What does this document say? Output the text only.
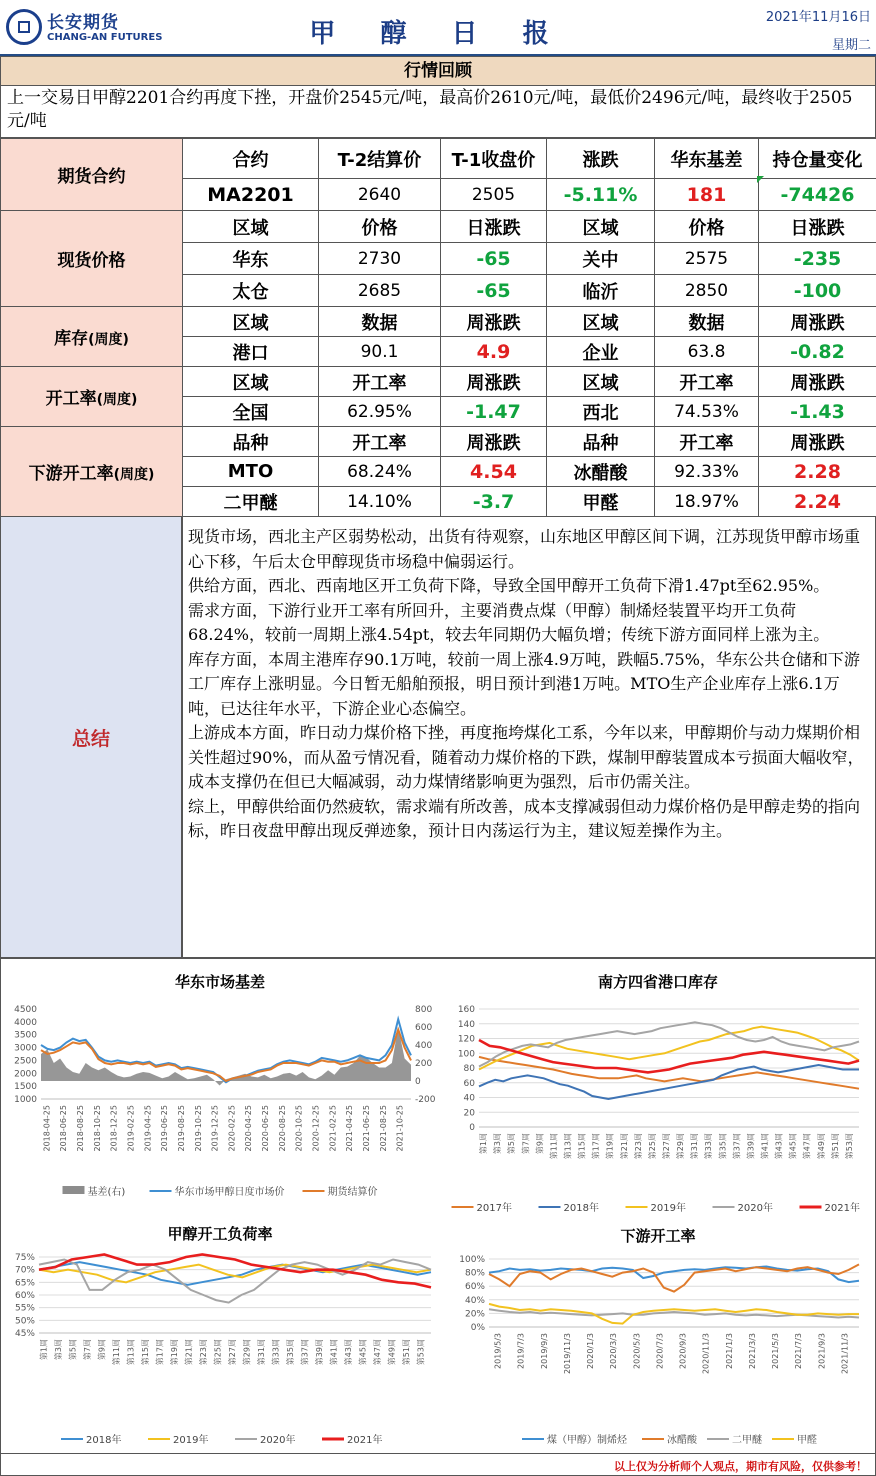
长安期货
CHANG-AN FUTURES	甲 醇 日 报
2021年11月16日
星期二
行情回顾
上一交易日甲醇2201合约再度下挫，开盘价2545元/吨，最高价2610元/吨，最低价2496元/吨，最终收于2505元/吨
期货合约	合约	T-2结算价	T-1收盘价	涨跌	华东基差	持仓量变化
	MA2201	2640	2505	-5.11%	181	-74426
现货价格	区域	价格	日涨跌	区域	价格	日涨跌
	华东	2730	-65	关中	2575	-235
	太仓	2685	-65	临沂	2850	-100
库存(周度)	区域	数据	周涨跌	区域	数据	周涨跌
	港口	90.1	4.9	企业	63.8	-0.82
开工率(周度)	区域	开工率	周涨跌	区域	开工率	周涨跌
	全国	62.95%	-1.47	西北	74.53%	-1.43
下游开工率(周度)	品种	开工率	周涨跌	品种	开工率	周涨跌
	MTO	68.24%	4.54	冰醋酸	92.33%	2.28
	二甲醚	14.10%	-3.7	甲醛	18.97%	2.24
总结

现货市场，西北主产区弱势松动，出货有待观察，山东地区甲醇区间下调，江苏现货甲醇市场重心下移，午后太仓甲醇现货市场稳中偏弱运行。

供给方面，西北、西南地区开工负荷下降，导致全国甲醇开工负荷下滑1.47pt至62.95%。

需求方面，下游行业开工率有所回升，主要消费点煤（甲醇）制烯烃装置平均开工负荷68.24%，较前一周期上涨4.54pt，较去年同期仍大幅负增；传统下游方面同样上涨为主。

库存方面，本周主港库存90.1万吨，较前一周上涨4.9万吨，跌幅5.75%，华东公共仓储和下游工厂库存上涨明显。今日暂无船舶预报，明日预计到港1万吨。MTO生产企业库存上涨6.1万吨，已达往年水平，下游企业心态偏空。

上游成本方面，昨日动力煤价格下挫，再度拖垮煤化工系，今年以来，甲醇期价与动力煤期价相关性超过90%，而从盈亏情况看，随着动力煤价格的下跌，煤制甲醇装置成本亏损面大幅收窄，成本支撑仍在但已大幅减弱，动力煤情绪影响更为强烈，后市仍需关注。

综上，甲醇供给面仍然疲软，需求端有所改善，成本支撑减弱但动力煤价格仍是甲醇走势的指向标，昨日夜盘甲醇出现反弹迹象，预计日内荡运行为主，建议短差操作为主。

华东市场基差	南方四省港口库存
甲醇开工负荷率	下游开工率
1000
1500
2000
2500
3000
3500
4000
4500
-200
0
200
400
600
800
2018-04-25 2018-06-25 2018-08-25 2018-10-25 2018-12-25 2019-02-25 2019-04-25 2019-06-25 2019-08-25 2019-10-25 2019-12-25 2020-02-25 2020-04-25 2020-06-25 2020-08-25 2020-10-25 2020-12-25 2021-02-25 2021-04-25 2021-06-25 2021-08-25 2021-10-25
基差(右)	华东市场甲醇日度市场价	期货结算价
0
20
40
60
80
100
120
140
160
第1周 第3周 第5周 第7周 第9周 第11周 第13周 第15周 第17周 第19周 第21周 第23周 第25周 第27周 第29周 第31周 第33周 第35周 第37周 第39周 第41周 第43周 第45周 第47周 第49周 第51周 第53周
2017年	2018年	2019年	2020年	2021年
45%
50%
55%
60%
65%
70%
75%
第1周 第3周 第5周 第7周 第9周 第11周 第13周 第15周 第17周 第19周 第21周 第23周 第25周 第27周 第29周 第31周 第33周 第35周 第37周 第39周 第41周 第43周 第45周 第47周 第49周 第51周 第53周
2018年	2019年	2020年	2021年
0%
20%
40%
60%
80%
100%
2019/5/3 2019/7/3 2019/9/3 2019/11/3 2020/1/3 2020/3/3 2020/5/3 2020/7/3 2020/9/3 2020/11/3 2021/1/3 2021/3/3 2021/5/3 2021/7/3 2021/9/3 2021/11/3
煤（甲醇）制烯烃	冰醋酸	二甲醚	甲醛
以上仅为分析师个人观点，期市有风险，仅供参考！
